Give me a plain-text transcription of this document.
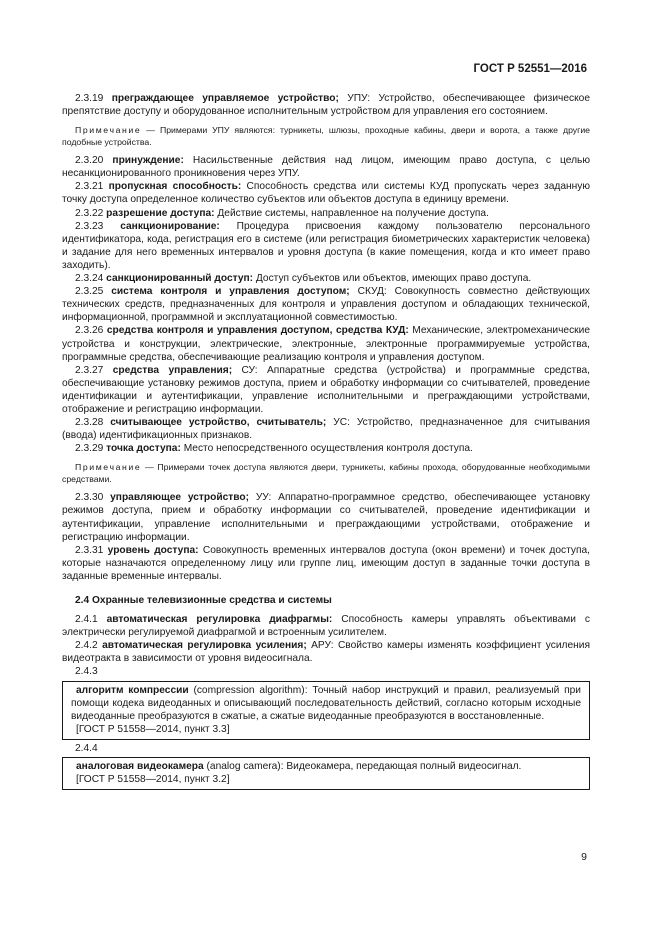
ГОСТ Р 52551—2016

2.3.19 преграждающее управляемое устройство; УПУ: Устройство, обеспечивающее физическое препятствие доступу и оборудованное исполнительным устройством для управления его состоянием.

Примечание — Примерами УПУ являются: турникеты, шлюзы, проходные кабины, двери и ворота, а также другие подобные устройства.

2.3.20 принуждение: Насильственные действия над лицом, имеющим право доступа, с целью несанкционированного проникновения через УПУ.

2.3.21 пропускная способность: Способность средства или системы КУД пропускать через заданную точку доступа определенное количество субъектов или объектов доступа в единицу времени.

2.3.22 разрешение доступа: Действие системы, направленное на получение доступа.

2.3.23 санкционирование: Процедура присвоения каждому пользователю персонального идентификатора, кода, регистрация его в системе (или регистрация биометрических характеристик человека) и задание для него временных интервалов и уровня доступа (в какие помещения, когда и кто имеет право заходить).

2.3.24 санкционированный доступ: Доступ субъектов или объектов, имеющих право доступа.

2.3.25 система контроля и управления доступом; СКУД: Совокупность совместно действующих технических средств, предназначенных для контроля и управления доступом и обладающих технической, информационной, программной и эксплуатационной совместимостью.

2.3.26 средства контроля и управления доступом, средства КУД: Механические, электромеханические устройства и конструкции, электрические, электронные, электронные программируемые устройства, программные средства, обеспечивающие реализацию контроля и управления доступом.

2.3.27 средства управления; СУ: Аппаратные средства (устройства) и программные средства, обеспечивающие установку режимов доступа, прием и обработку информации со считывателей, проведение идентификации и аутентификации, управление исполнительными и преграждающими устройствами, отображение и регистрацию информации.

2.3.28 считывающее устройство, считыватель; УС: Устройство, предназначенное для считывания (ввода) идентификационных признаков.

2.3.29 точка доступа: Место непосредственного осуществления контроля доступа.

Примечание — Примерами точек доступа являются двери, турникеты, кабины прохода, оборудованные необходимыми средствами.

2.3.30 управляющее устройство; УУ: Аппаратно-программное средство, обеспечивающее установку режимов доступа, прием и обработку информации со считывателей, проведение идентификации и аутентификации, управление исполнительными и преграждающими устройствами, отображение и регистрацию информации.

2.3.31 уровень доступа: Совокупность временных интервалов доступа (окон времени) и точек доступа, которые назначаются определенному лицу или группе лиц, имеющим доступ в заданные точки доступа в заданные временные интервалы.

2.4 Охранные телевизионные средства и системы

2.4.1 автоматическая регулировка диафрагмы: Способность камеры управлять объективами с электрически регулируемой диафрагмой и встроенным усилителем.

2.4.2 автоматическая регулировка усиления; АРУ: Свойство камеры изменять коэффициент усиления видеотракта в зависимости от уровня видеосигнала.

2.4.3

алгоритм компрессии (compression algorithm): Точный набор инструкций и правил, реализуемый при помощи кодека видеоданных и описывающий последовательность действий, согласно которым исходные видеоданные преобразуются в сжатые, а сжатые видеоданные преобразуются в восстановленные.

[ГОСТ Р 51558—2014, пункт 3.3]

2.4.4

аналоговая видеокамера (analog camera): Видеокамера, передающая полный видеосигнал.

[ГОСТ Р 51558—2014, пункт 3.2]

9
